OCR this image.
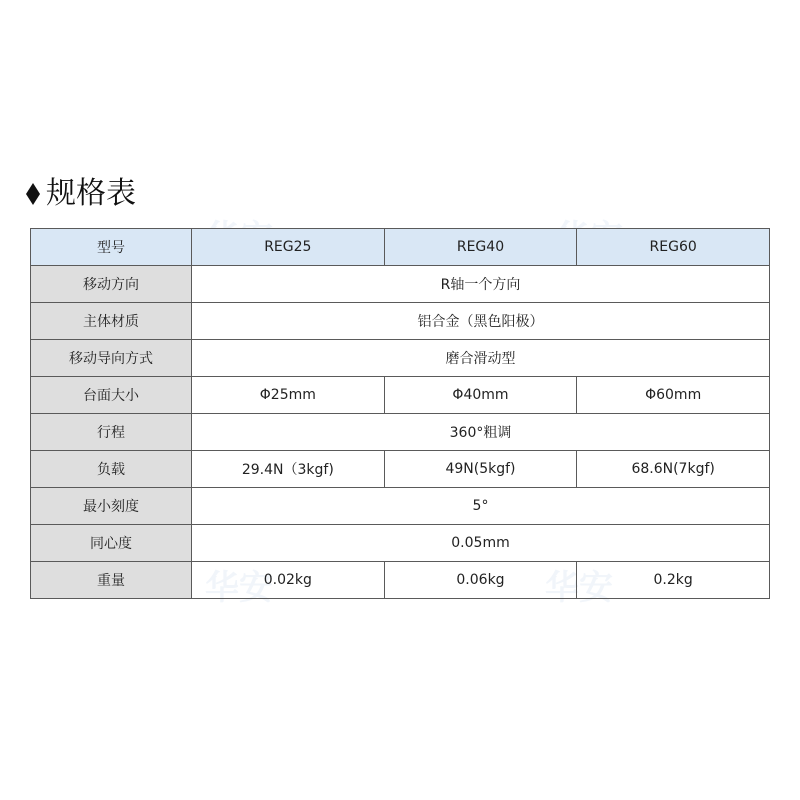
华安	华安
规格表
型号	REG25	REG40	REG60
移动方向	R轴一个方向		
主体材质	铝合金（黑色阳极）		
移动导向方式	磨合滑动型		
台面大小	Φ25mm	Φ40mm	Φ60mm
行程	360°粗调		
负载	29.4N（3kgf)	49N(5kgf)	68.6N(7kgf)
最小刻度	5°		
同心度	0.05mm		
重量	0.02kg	0.06kg	0.2kg
